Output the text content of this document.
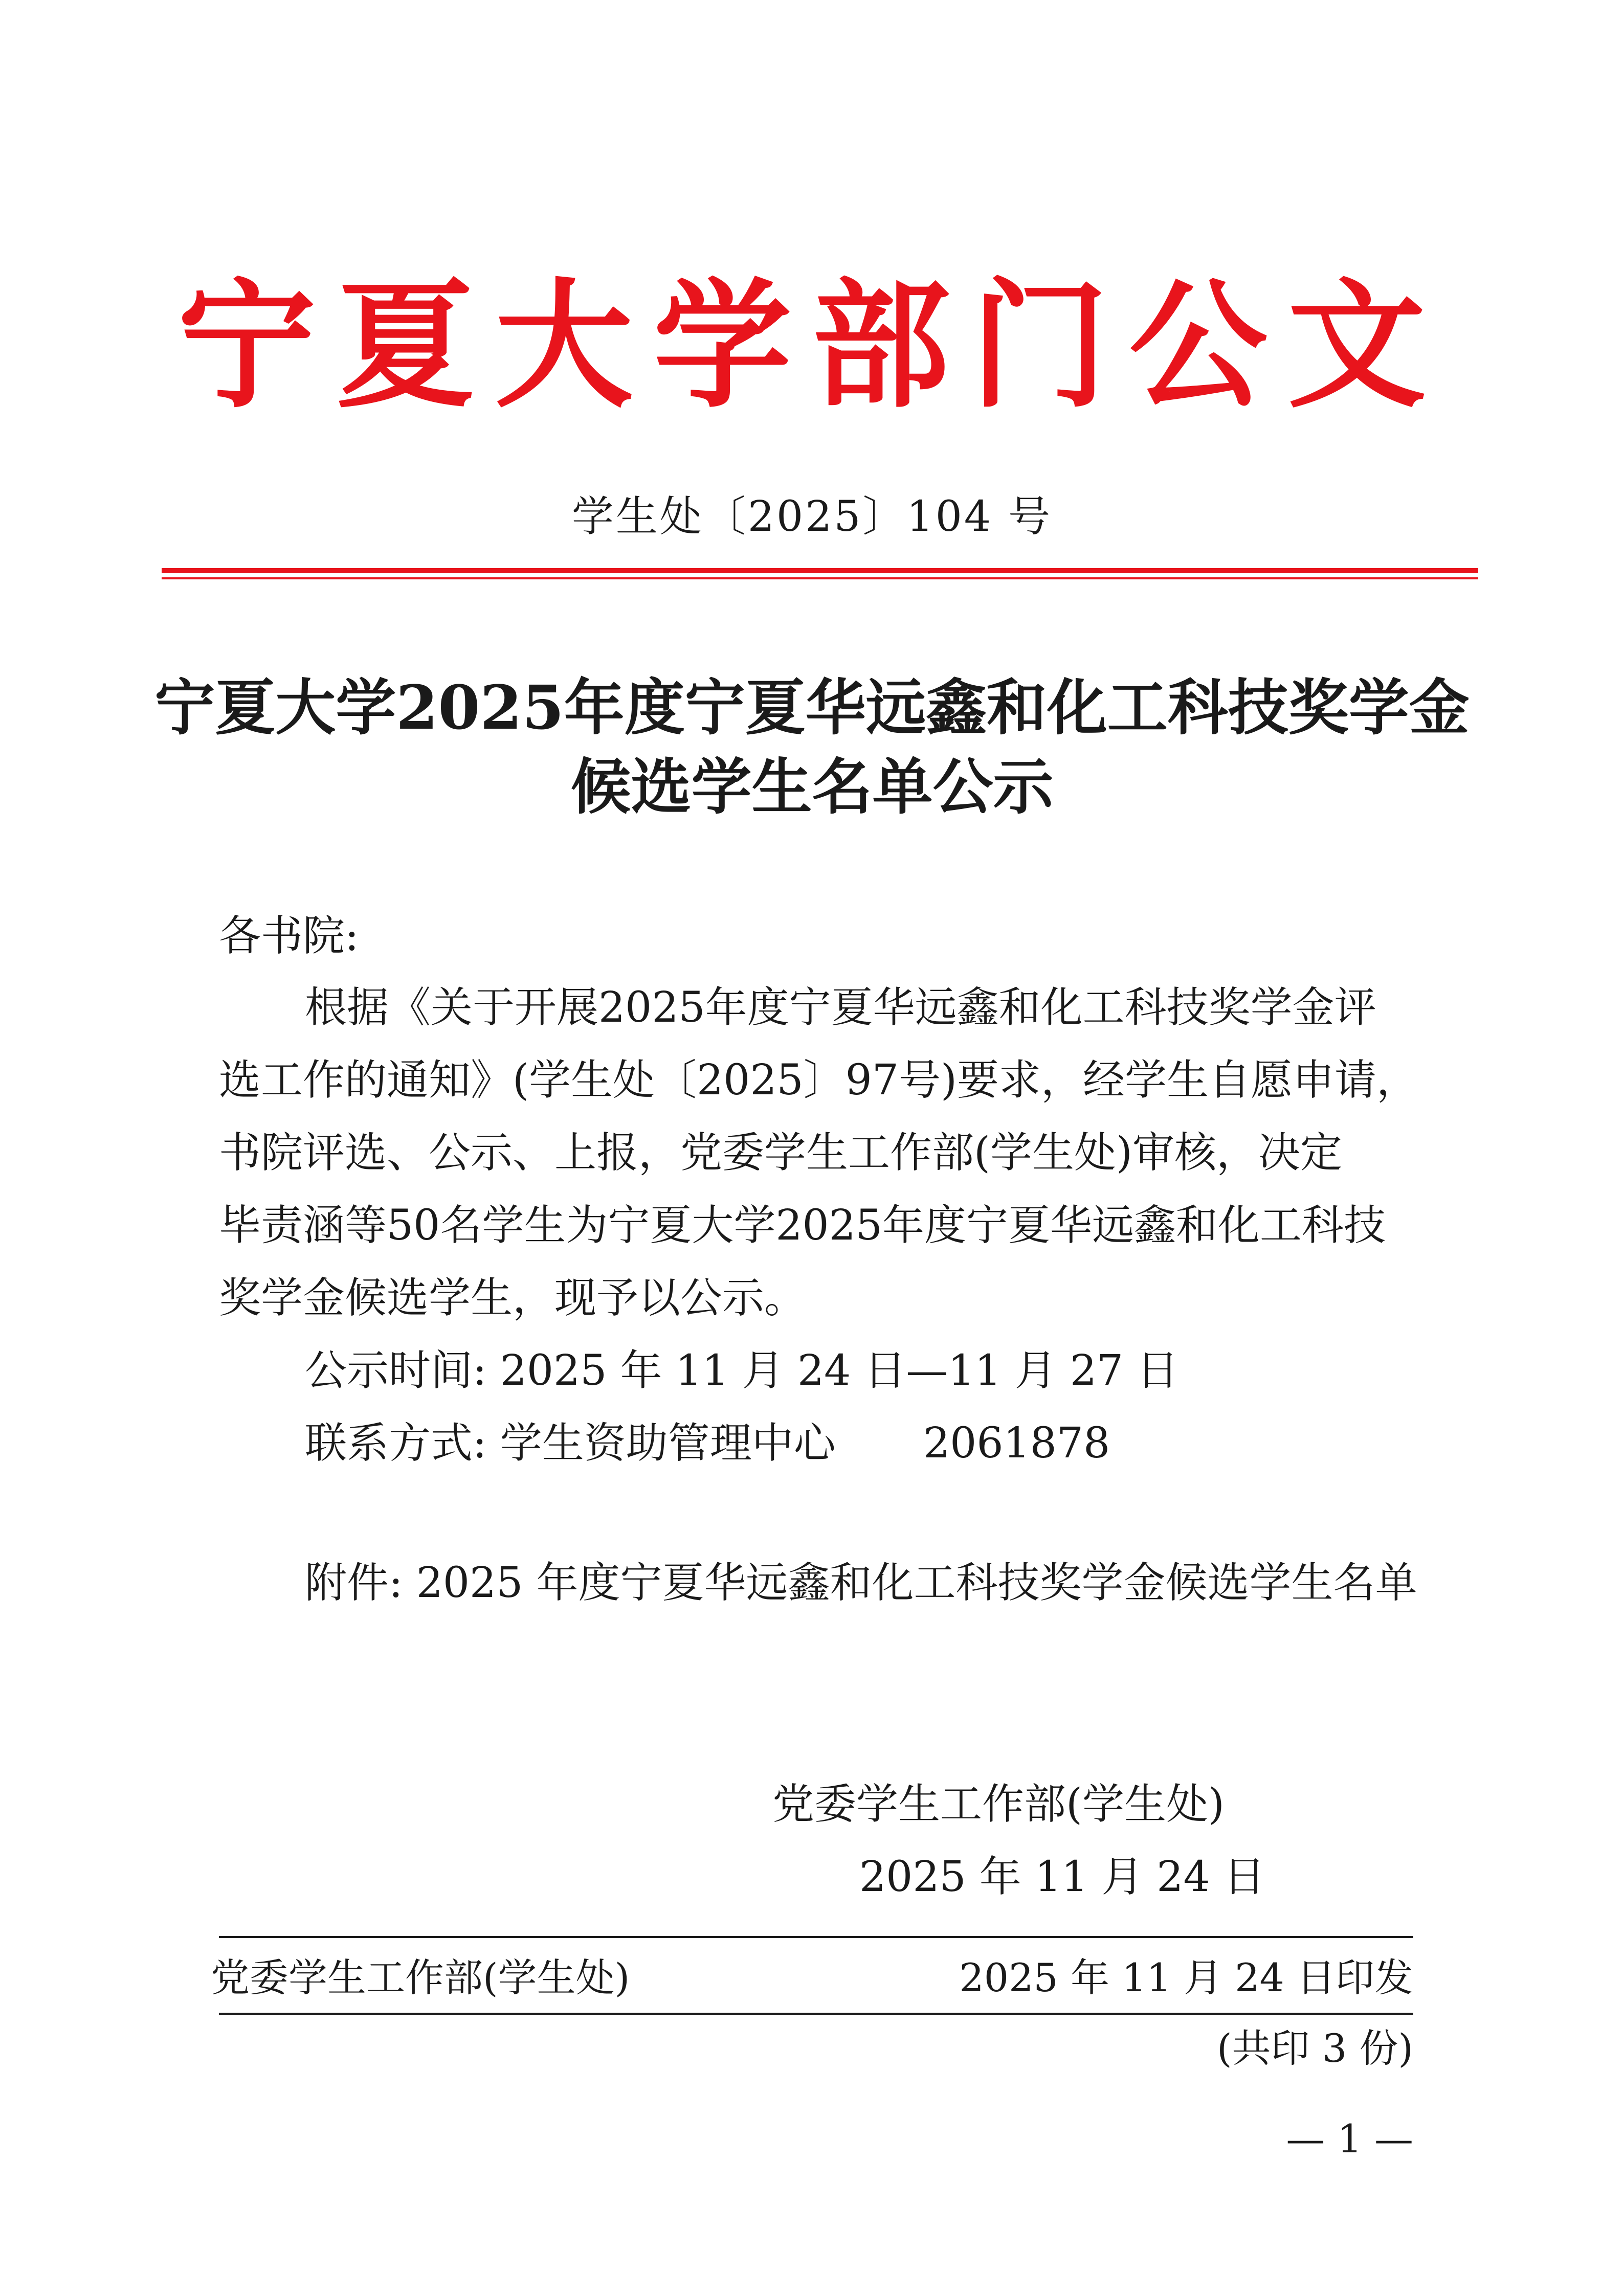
宁夏大学部门公文
学生处〔2025〕104 号
宁夏大学2025年度宁夏华远鑫和化工科技奖学金
候选学生名单公示
各书院:
根据《关于开展2025年度宁夏华远鑫和化工科技奖学金评
选工作的通知》(学生处〔2025〕97号)要求，经学生自愿申请，
书院评选、公示、上报，党委学生工作部(学生处)审核，决定
毕责涵等50名学生为宁夏大学2025年度宁夏华远鑫和化工科技
奖学金候选学生，现予以公示。
公示时间: 2025 年 11 月 24 日—11 月 27 日
联系方式: 学生资助管理中心 2061878
附件: 2025 年度宁夏华远鑫和化工科技奖学金候选学生名单
党委学生工作部(学生处)
2025 年 11 月 24 日
党委学生工作部(学生处)	2025 年 11 月 24 日印发
(共印 3 份)
— 1 —
